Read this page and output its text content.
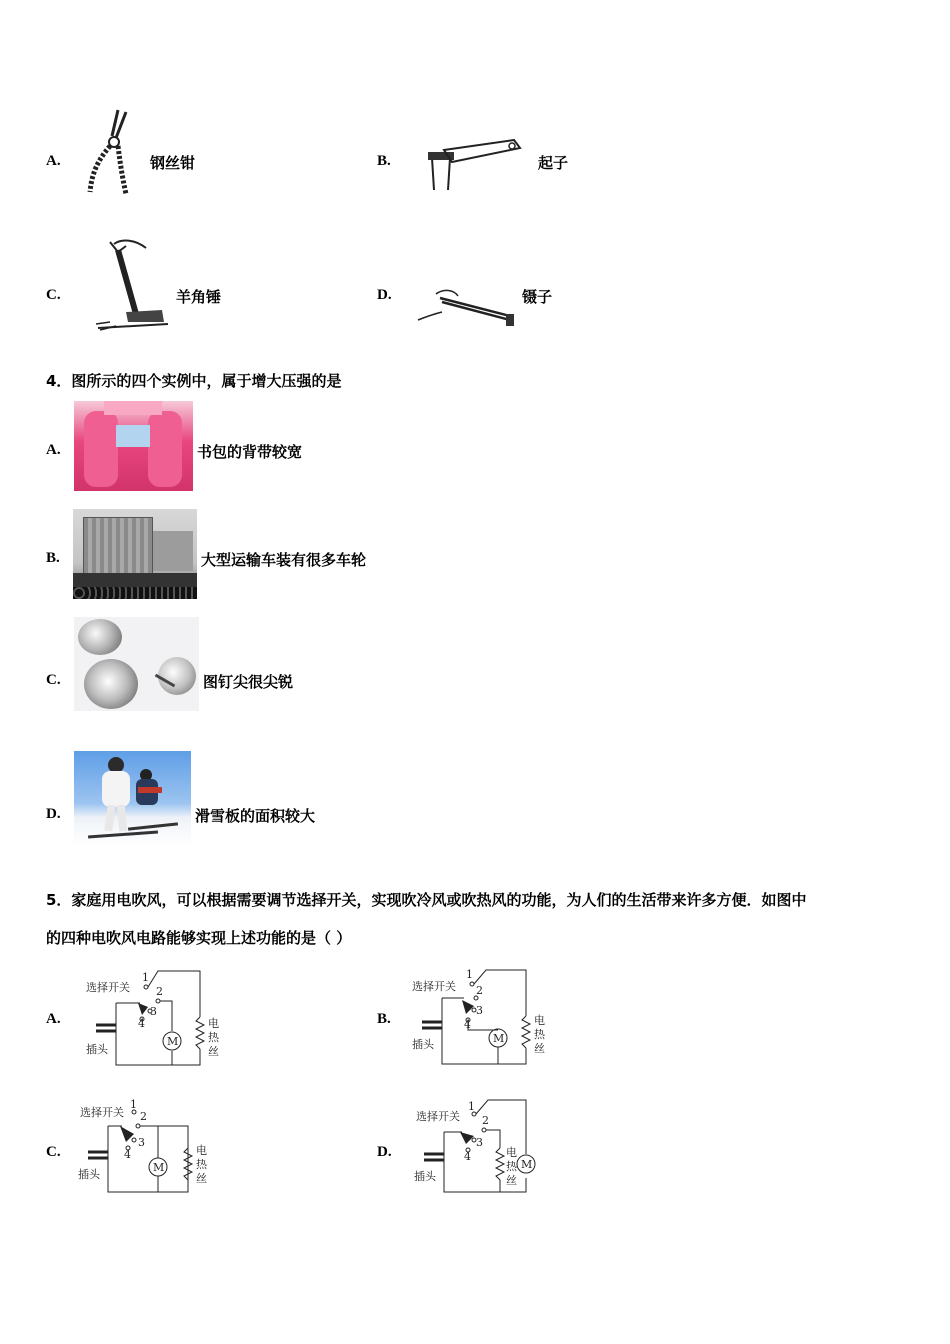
A.	钢丝钳	B.	起子
C.	羊角锤	D.	镊子
4．图所示的四个实例中，属于增大压强的是
A.	书包的背带较宽
B.	大型运输车装有很多车轮
C.	图钉尖很尖锐
D.	滑雪板的面积较大
5．家庭用电吹风，可以根据需要调节选择开关，实现吹冷风或吹热风的功能，为人们的生活带来许多方便．如图中
的四种电吹风电路能够实现上述功能的是（ ）
A.
选择开关
1
2
3
4
M
电
热
丝
插头
B.
选择开关
1
2
3
4
M
电
热
丝
插头
C.
选择开关
1
2
3
4
M
电
热
丝
插头
D.
选择开关
1
2
3
4	电
热
丝
M
插头
